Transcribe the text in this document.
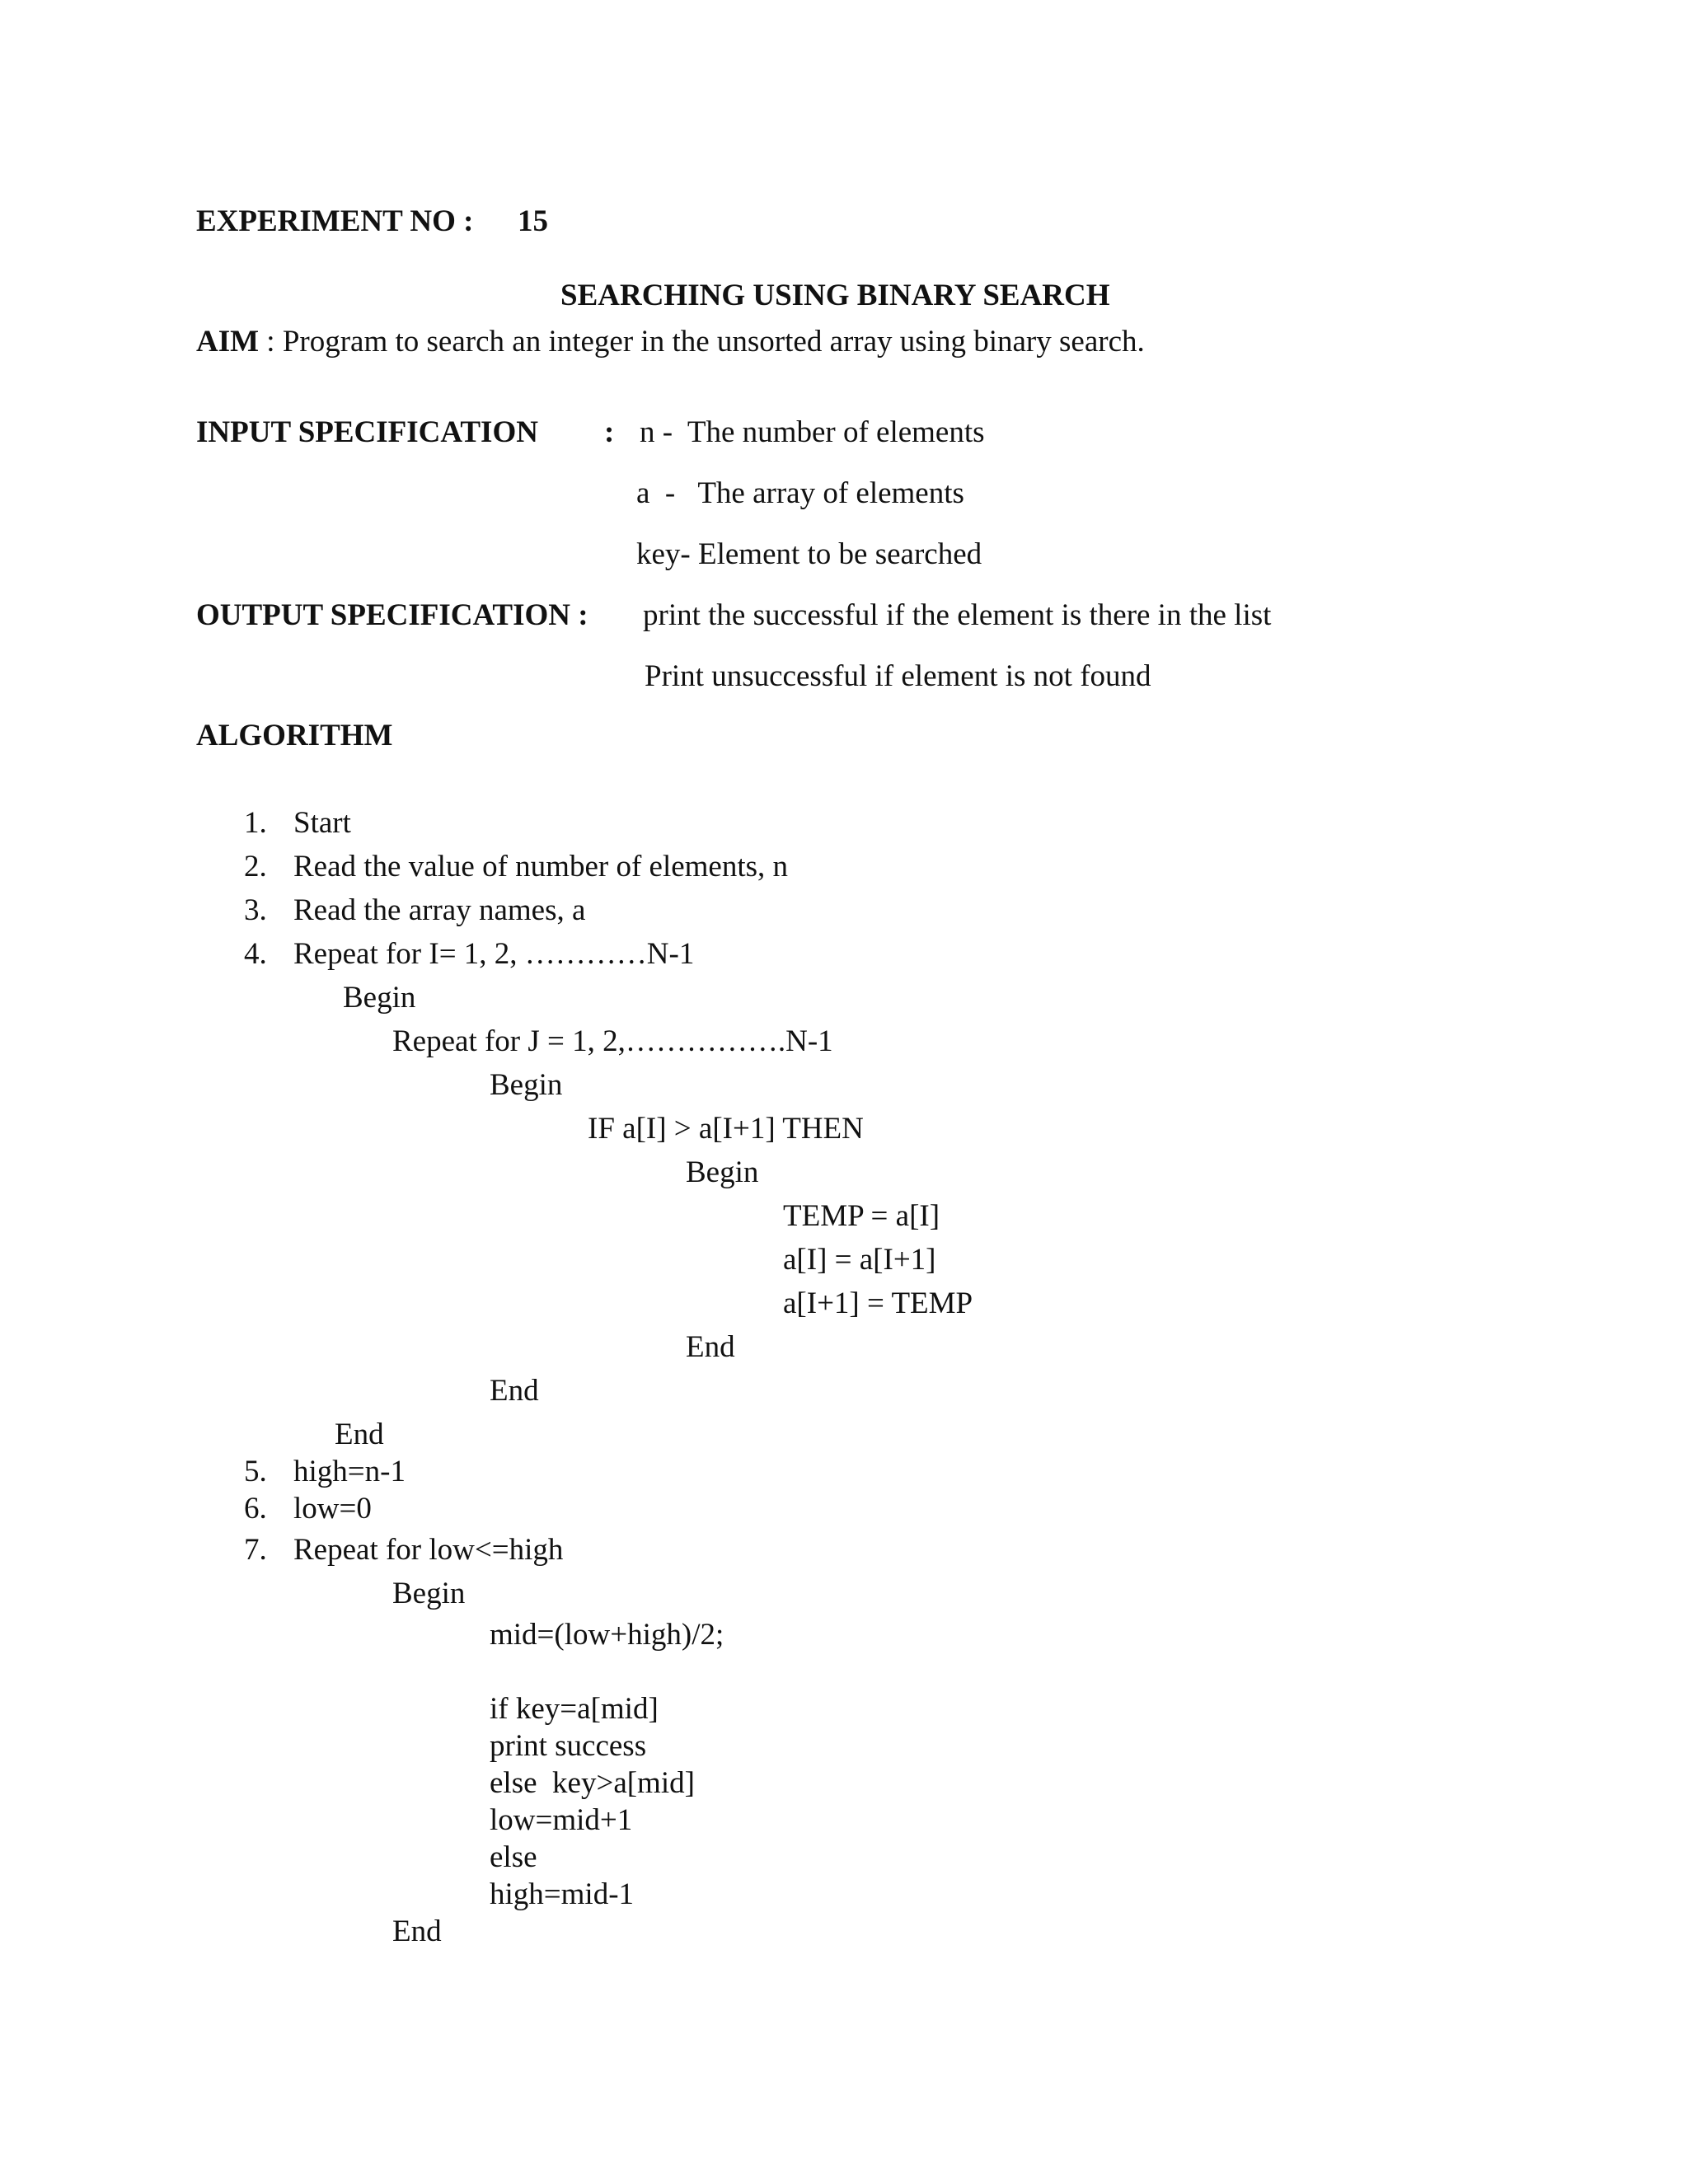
EXPERIMENT NO : 15
SEARCHING USING BINARY SEARCH
AIM : Program to search an integer in the unsorted array using binary search.
INPUT SPECIFICATION : n -  The number of elements
a  -   The array of elements
key- Element to be searched
OUTPUT SPECIFICATION : print the successful if the element is there in the list
Print unsuccessful if element is not found
ALGORITHM
1. Start
2. Read the value of number of elements, n
3. Read the array names, a
4. Repeat for I= 1, 2, …………N-1
Begin
Repeat for J = 1, 2,…………….N-1
Begin
IF a[I] > a[I+1] THEN
Begin
TEMP = a[I]
a[I] = a[I+1]
a[I+1] = TEMP
End
End
End
5. high=n-1
6. low=0
7. Repeat for low<=high
Begin
mid=(low+high)/2;
if key=a[mid]
print success
else  key>a[mid]
low=mid+1
else
high=mid-1
End
